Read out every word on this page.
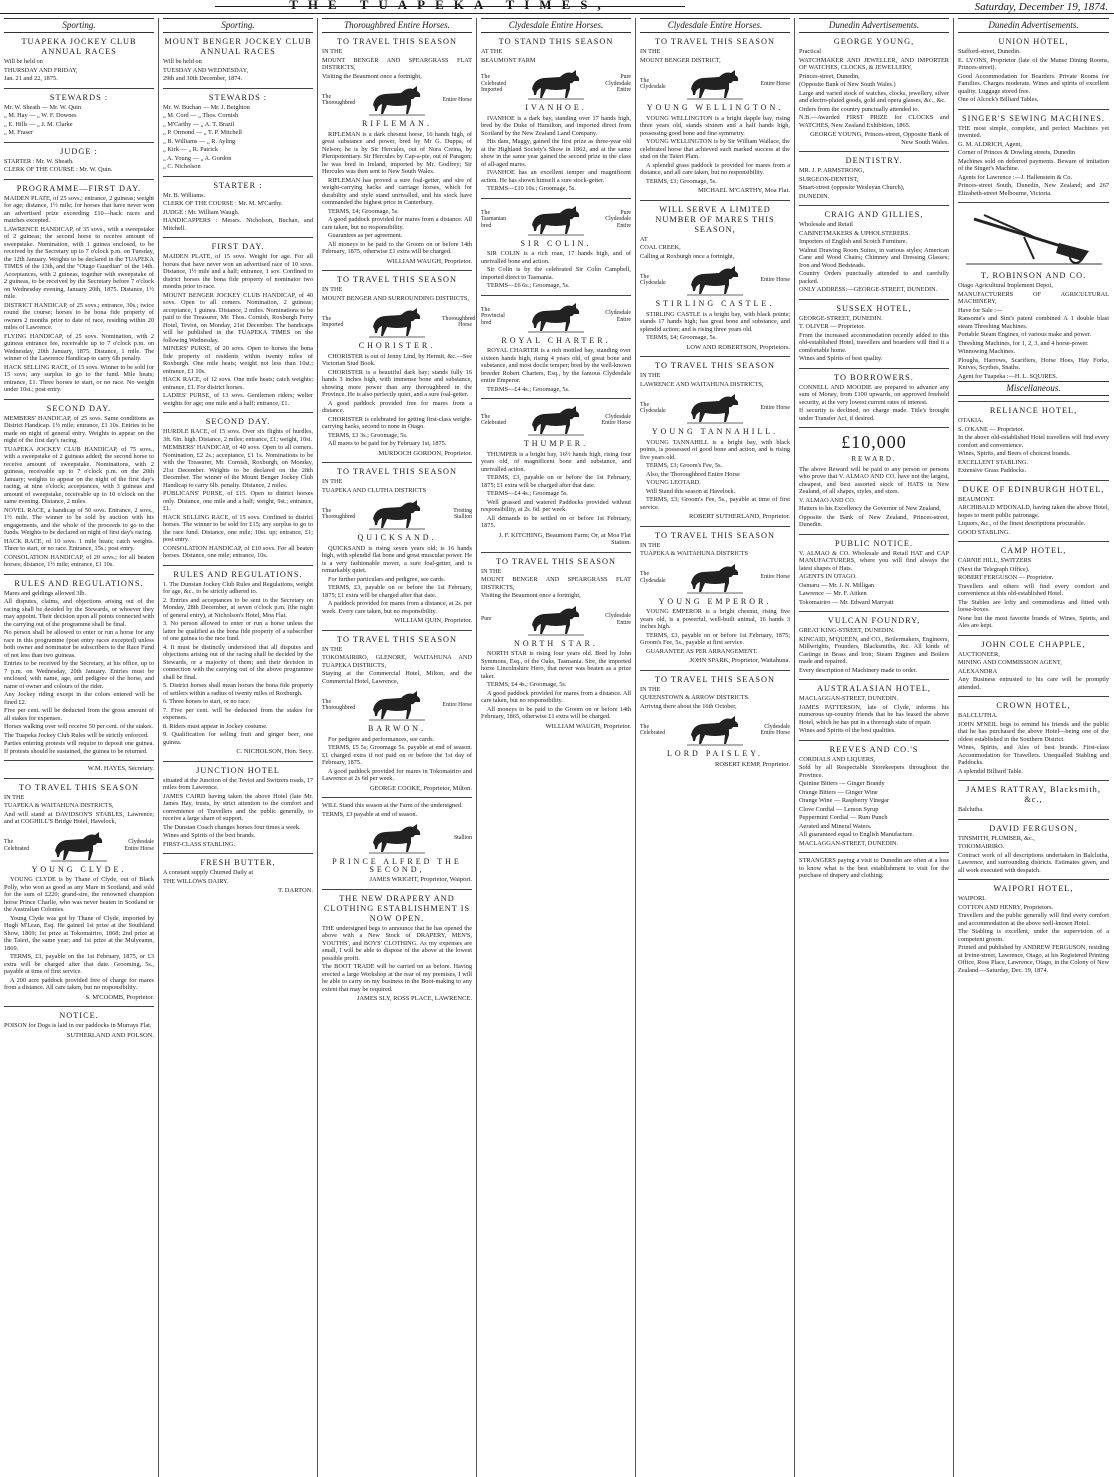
THE TUAPEKA TIMES,	Saturday, December 19, 1874.
Sporting.
TUAPEKA JOCKEY CLUB ANNUAL RACES
Will be held on
THURSDAY AND FRIDAY,
Jan. 21 and 22, 1875.
STEWARDS :
Mr. W. Sheath — Mr. W. Quin
„ M. Hay — „ W. F. Downes
„ E. Hills — „ J. M. Clarke
„ M. Fraser
JUDGE :
STARTER : Mr. W. Sheath.
CLERK OF THE COURSE : Mr. W. Quin.
PROGRAMME—FIRST DAY.
MAIDEN PLATE, of 25 sovs.; entrance, 2 guineas; weight for age; distance, 1½ mile; for horses that have never won an advertised prize exceeding £10—hack races and matches excepted.
LAWRENCE HANDICAP, of 35 sovs., with a sweepstake of 2 guineas; the second horse to receive amount of sweepstake. Nomination, with 1 guinea enclosed, to be received by the Secretary up to 7 o'clock p.m. on Tuesday, the 12th January. Weights to be declared in the TUAPEKA TIMES of the 13th, and the "Otago Guardian" of the 14th. Acceptances, with 2 guineas, together with sweepstake of 2 guineas, to be received by the Secretary before 7 o'clock on Wednesday evening, January 20th, 1875. Distance, 1½ mile.
DISTRICT HANDICAP, of 25 sovs.; entrance, 30s.; twice round the course; horses to be bona fide property of owners 2 months prior to date of race, residing within 20 miles of Lawrence.
FLYING HANDICAP, of 25 sovs. Nomination, with 2 guineas entrance fee, receivable up to 7 o'clock p.m. on Wednesday, 20th January, 1875. Distance, 1 mile. The winner of the Lawrence Handicap to carry 6lb penalty.
HACK SELLING RACE, of 15 sovs. Winner to be sold for 15 sovs; any surplus to go to the fund. Mile heats; entrance, £1. Three horses to start, or no race. No weight under 10st.; post entry.
SECOND DAY.
MEMBERS' HANDICAP, of 25 sovs. Same conditions as District Handicap. 1½ mile; entrance, £1 10s. Entries to be made on night of general entry. Weights to appear on the night of the first day's racing.
TUAPEKA JOCKEY CLUB HANDICAP, of 75 sovs., with a sweepstake of 2 guineas added; the second horse to receive amount of sweepstake. Nominations, with 2 guineas, receivable up to 7 o'clock p.m. on the 20th January; weights to appear on the night of the first day's racing, at nine o'clock; acceptances, with 3 guineas and amount of sweepstake, receivable up to 10 o'clock on the same evening. Distance, 2 miles.
NOVEL RACE, a handicap of 50 sovs. Entrance, 2 sovs., 1½ mile. The winner to be sold by auction with his engagements, and the whole of the proceeds to go to the funds. Weights to be declared on night of first day's racing.
HACK RACE, of 10 sovs. 1 mile heats; catch weights. Three to start, or no race. Entrance, 15s.; post entry.
CONSOLATION HANDICAP, of 20 sovs.; for all beaten horses; distance, 1½ mile; entrance, £1 10s.
RULES AND REGULATIONS.
Mares and geldings allowed 3lb.
All disputes, claims, and objections arising out of the racing shall be decided by the Stewards, or whoever they may appoint. Their decision upon all points connected with the carrying out of the programme shall be final.
No person shall be allowed to enter or run a horse for any race in this programme (post entry races excepted) unless both owner and nominator be subscribers to the Race Fund of not less than two guineas.
Entries to be received by the Secretary, at his office, up to 7 p.m. on Wednesday, 20th January. Entries must be enclosed, with name, age, and pedigree of the horse, and name of owner and colours of the rider.
Any Jockey riding except in the colors entered will be fined £2.
Five per cent. will be deducted from the gross amount of all stakes for expenses.
Horses walking over will receive 50 per cent. of the stakes.
The Tuapeka Jockey Club Rules will be strictly enforced.
Parties entering protests will require to deposit one guinea. If protests should be sustained, the guinea to be returned.
W.M. HAYES, Secretary.
TO TRAVEL THIS SEASON
IN THE
TUAPEKA & WAITAHUNA DISTRICTS,
And will stand at DAVIDSON'S STABLES, Lawrence; and at COGHILL'S Bridge Hotel, Havelock,
The Celebrated
Clydesdale Entire Horse
YOUNG CLYDE.
YOUNG CLYDE is by Thane of Clyde, out of Black Polly, who won as good as any Mare in Scotland, and sold for the sum of £220; grand-sire, the renowned champion horse Prince Charlie, who was never beaten in Scotland or the Australian Colonies.
Young Clyde was got by Thane of Clyde, imported by Hugh M'Lean, Esq. He gained 1st prize at the Southland Show, 1869; 1st prize at Tokomairiro, 1868; 2nd prize at the Taieri, the same year; and 1st prize at the Mulyeamn, 1869.
TERMS, £3, payable on the 1st February, 1875, or £3 extra will be charged after that date. Grooming, 5s., payable at time of first service.
A 200 acre paddock provided free of charge for mares from a distance. All care taken, but no responsibility.
S. M'COOMB, Proprietor.
NOTICE.
POISON for Dogs is laid in our paddocks in Murrays Flat.
SUTHERLAND AND POLSON.
Sporting.
MOUNT BENGER JOCKEY CLUB ANNUAL RACES
Will be held on
TUESDAY AND WEDNESDAY,
29th and 30th December, 1874.
STEWARDS :
Mr. W. Buchan — Mr. J. Beighton
„ M. Cord — „ Thos. Cornish
„ M'Carthy — „ A. T. Brazil
„ P. Ormond — „ T. P. Mitchell
„ B. Williams — „ R. Ayling
„ Kirk — „ R. Patrick
„ A. Young — „ A. Gordon
„ C. Nicholson
STARTER :
Mr. B. Williams.
CLERK OF THE COURSE : Mr. M. M'Carthy.
JUDGE : Mr. William Waugh.
HANDICAPPERS : Messrs. Nicholson, Buchan, and Mitchell.
FIRST DAY.
MAIDEN PLATE, of 15 sovs. Weight for age. For all horses that have never won an advertised race of 10 sovs. Distance, 1½ mile and a half; entrance, 1 sov. Confined to district horses the bona fide property of nominator two months prior to race.
MOUNT BENGER JOCKEY CLUB HANDICAP, of 40 sovs. Open to all comers. Nomination, 2 guineas; acceptance, 1 guinea. Distance, 2 miles. Nominations to be paid to the Treasurer, Mr. Thos. Cornish, Roxburgh Ferry Hotel, Teviot, on Monday, 21st December. The handicaps will be published in the TUAPEKA TIMES on the following Wednesday.
MINERS' PURSE, of 20 sovs. Open to horses the bona fide property of residents within twenty miles of Roxburgh. One mile heats; weight not less than 10st.; entrance, £1 10s.
HACK RACE, of 12 sovs. One mile heats; catch weights; entrance, £1. For district horses.
LADIES' PURSE, of 13 sovs. Gentlemen riders; welter weights for age; one mile and a half; entrance, £1.
SECOND DAY.
HURDLE RACE, of 15 sovs. Over six flights of hurdles, 3ft. 6in. high. Distance, 2 miles; entrance, £1; weight, 10st.
MEMBERS' HANDICAP, of 40 sovs. Open to all comers. Nomination, £2 2s.; acceptance, £1 1s. Nominations to be with the Treasurer, Mr. Cornish, Roxburgh, on Monday, 21st December. Weights to be declared on the 28th December. The winner of the Mount Benger Jockey Club Handicap to carry 6lb. penalty. Distance, 2 miles.
PUBLICANS' PURSE, of £15. Open to district horses only. Distance, one mile and a half; weight, 9st.; entrance, £1.
HACK SELLING RACE, of 15 sovs. Confined to district horses. The winner to be sold for £15; any surplus to go to the race fund. Distance, one mile; 10st. up; entrance, £1; post entry.
CONSOLATION HANDICAP, of £10 sovs. For all beaten horses. Distance, one mile; entrance, 10s.
RULES AND REGULATIONS.
1. The Dunstan Jockey Club Rules and Regulations, weight for age, &c., to be strictly adhered to.
2. Entries and acceptances to be sent to the Secretary on Monday, 28th December, at seven o'clock p.m. (the night of general entry), at Nicholson's Hotel, Moa Flat.
3. No person allowed to enter or run a horse unless the latter be qualified as the bona fide property of a subscriber of one guinea to the race fund.
4. It must be distinctly understood that all disputes and objections arising out of the racing shall be decided by the Stewards, or a majority of them; and their decision in connection with the carrying out of the above programme shall be final.
5. District horses shall mean horses the bona fide property of settlers within a radius of twenty miles of Roxburgh.
6. Three horses to start, or no race.
7. Five per cent. will be deducted from the stakes for expenses.
8. Riders must appear in Jockey costume.
9. Qualification for selling fruit and ginger beer, one guinea.
C. NICHOLSON, Hon. Secy.
JUNCTION HOTEL
situated at the Junction of the Teviot and Switzers roads, 17 miles from Lawrence.
JAMES CAIRD having taken the above Hotel (late Mr. James Hay, trusts, by strict attention to the comfort and convenience of Travellers and the public generally, to receive a large share of support.
The Dunstan Coach changes horses four times a week.
Wines and Spirits of the best brands.
FIRST-CLASS STABLING.
FRESH BUTTER,
A constant supply Churned Daily at
THE WILLOWS DAIRY.
T. DARTON.
Thoroughbred Entire Horses.
TO TRAVEL THIS SEASON
IN THE
MOUNT BENGER AND SPEARGRASS FLAT DISTRICTS,
Visiting the Beaumont once a fortnight,
The Thoroughbred
Entire Horse
RIFLEMAN.
RIFLEMAN is a dark chesnut horse, 16 hands high, of great substance and power, bred by Mr G. Duppa, of Nelson; he is by Sir Hercules, out of Nora Creina, by Plenipotentiary. Sir Hercules by Cap-a-pie, out of Paragon; he was bred in Ireland, imported by Mr. Godfrey; Sir Hercules was then sent to New South Wales.
RIFLEMAN has proved a sure foal-getter, and sire of weight-carrying hacks and carriage horses, which for durability and style stand unrivalled, and his stock have commanded the highest price in Canterbury.
TERMS, £4; Groomage, 5s.
A good paddock provided for mares from a distance. All care taken, but no responsibility.
Guarantees as per agreement.
All moneys to be paid to the Groom on or before 14th February, 1875, otherwise £1 extra will be charged.
WILLIAM WAUGH, Proprietor.
TO TRAVEL THIS SEASON
IN THE
MOUNT BENGER AND SURROUNDING DISTRICTS,
The Imported
Thoroughbred Horse
CHORISTER.
CHORISTER is out of Jenny Lind, by Hermit, &c.—See Victorian Stud Book.
CHORISTER is a beautiful dark bay; stands fully 16 hands 3 inches high, with immense bone and substance, showing more power than any thoroughbred in the Province. He is also perfectly quiet, and a sure foal-getter.
A good paddock provided free for mares from a distance.
CHORISTER is celebrated for getting first-class weight-carrying hacks, second to none in Otago.
TERMS, £3 3s.; Groomage, 5s.
All mares to be paid for by February 1st, 1875.
MURDOCH GORDON, Proprietor.
TO TRAVEL THIS SEASON
IN THE
TUAPEKA AND CLUTHA DISTRICTS
The Thoroughbred
Trotting Stallion
QUICKSAND.
QUICKSAND is rising seven years old; is 16 hands high, with splendid flat bone and great muscular power. He is a very fashionable mover, a sure foal-getter, and is remarkably quiet.
For further particulars and pedigree, see cards.
TERMS, £3, payable on or before the 1st February, 1875; £1 extra will be charged after that date.
A paddock provided for mares from a distance, at 2s. per week. Every care taken, but no responsibility.
WILLIAM QUIN, Proprietor.
TO TRAVEL THIS SEASON
IN THE
TOKOMAIRIRO, GLENORE, WAITAHUNA AND TUAPEKA DISTRICTS,
Staying at the Commercial Hotel, Milton, and the Commercial Hotel, Lawrence,
The Thoroughbred
Entire Horse
BARWON.
For pedigree and performances, see cards.
TERMS, £5 5s; Groomage 5s. payable at end of season. £1 charged extra if not paid on or before the 1st day of February, 1875.
A good paddock provided for mares in Tokomairiro and Lawrence at 2s 6d per week.
GEORGE COOKE, Proprietor, Milton.
WILL Stand this season at the Farm of the undersigned.
TERMS, £3 payable at end of season.
Stallion
PRINCE ALFRED THE SECOND,
JAMES WRIGHT, Proprietor, Waipori.
THE NEW DRAPERY AND CLOTHING ESTABLISHMENT IS NOW OPEN.
THE undersigned begs to announce that he has opened the above with a New Stock of DRAPERY, MEN'S, YOUTHS', and BOYS' CLOTHING. As my expenses are small, I will be able to dispose of the above at the lowest possible profit.
The BOOT TRADE will be carried on as before. Having erected a large Workshop at the rear of my premises, I will be able to carry on my business in the Boot-making to any extent that may be required.
JAMES SLY, ROSS PLACE, LAWRENCE.
Clydesdale Entire Horses.
TO STAND THIS SEASON
AT THE
BEAUMONT FARM
The Celebrated Imported
Pure Clydesdale Entire
IVANHOE.
IVANHOE is a dark bay, standing over 17 hands high, bred by the Duke of Hamilton, and imported direct from Scotland by the New Zealand Land Company.
His dam, Maggy, gained the first prize as three-year old at the Highland Society's Show in 1862, and at the same show in the same year gained the second prize in the class of all-aged mares.
IVANHOE has an excellent temper and magnificent action. He has shown himself a sure stock-getter.
TERMS—£10 10s.; Groomage, 5s.
The Tasmanian bred
Pure Clydesdale Entire
SIR COLIN.
SIR COLIN is a rich roan, 17 hands high, and of unrivalled bone and action.
Sir Colin is by the celebrated Sir Colin Campbell, imported direct to Tasmania.
TERMS—£6 6s.; Groomage, 5s.
The Provincial bred
Clydesdale Entire
ROYAL CHARTER.
ROYAL CHARTER is a rich mottled bay, standing over sixteen hands high, rising 4 years old, of great bone and substance, and most docile temper; bred by the well-known breeder Robert Charters, Esq., by the famous Clydesdale entire Emperor.
TERMS—£4 4s.; Groomage, 5s.
The Celebrated
Clydesdale Entire Horse
THUMPER.
THUMPER is a bright bay, 16½ hands high, rising four years old, of magnificent bone and substance, and unrivalled action.
TERMS, £3, payable on or before the 1st February, 1875; £1 extra will be charged after that date.
TERMS—£4 4s.; Groomage 5s.
Well grassed and watered Paddocks provided without responsibility, at 2s. 6d. per week.
All demands to be settled on or before 1st February, 1875.
J. F. KITCHING, Beaumont Farm; Or, at Moa Flat Station.
TO TRAVEL THIS SEASON
IN THE
MOUNT BENGER AND SPEARGRASS FLAT DISTRICTS,
Visiting the Beaumont once a fortnight,
Pure
Clydesdale Entire
NORTH STAR.
NORTH STAR is rising four years old. Bred by John Symmons, Esq., of the Oaks, Tasmania. Sire, the imported horse Lincolnshire Hero, that never was beaten as a prize taker.
TERMS, £4 4s.; Groomage, 5s.
A good paddock provided for mares from a distance. All care taken, but no responsibility.
All moneys to be paid to the Groom on or before 14th February, 1865, otherwise £1 extra will be charged.
WILLIAM WAUGH, Proprietor.
Clydesdale Entire Horses.
TO TRAVEL THIS SEASON
IN THE
MOUNT BENGER DISTRICT,
The Clydesdale
Entire Horse
YOUNG WELLINGTON.
YOUNG WELLINGTON is a bright dapple bay, rising three years old, stands sixteen and a half hands high, possessing good bone and fine symmetry.
YOUNG WELLINGTON is by Sir William Wallace, the celebrated horse that achieved such marked success at the stud on the Taieri Plain.
A splendid grass paddock is provided for mares from a distance, and all care taken, but no responsibility.
TERMS, £3; Groomage, 5s.
MICHAEL M'CARTHY, Moa Flat.
WILL SERVE A LIMITED NUMBER OF MARES THIS SEASON,
AT
COAL CREEK,
Calling at Roxburgh once a fortnight,
The Clydesdale
Entire Horse
STIRLING CASTLE.
STIRLING CASTLE is a bright bay, with black points; stands 17 hands high; has great bone and substance, and splendid action; and is rising three years old.
TERMS, £4; Groomage, 5s.
LOW AND ROBERTSON, Proprietors.
TO TRAVEL THIS SEASON
IN THE
LAWRENCE AND WAITAHUNA DISTRICTS,
The Clydesdale
Entire Horse
YOUNG TANNAHILL.
YOUNG TANNAHILL is a bright bay, with black points, is possessed of good bone and action, and is rising five years old.
TERMS, £3; Groom's Fee, 5s.
Also, the Thoroughbred Entire Horse
YOUNG LEOTARD.
Will Stand this season at Havelock.
TERMS, £3; Groom's Fee, 5s., payable at time of first service.
ROBERT SUTHERLAND, Proprietor.
TO TRAVEL THIS SEASON
IN THE
TUAPEKA & WAITAHUNA DISTRICTS
The Clydesdale
Entire Horse
YOUNG EMPEROR.
YOUNG EMPEROR is a bright chesnut, rising five years old, is a powerful, well-built animal, 16 hands 3 inches high.
TERMS, £3, payable on or before 1st February, 1875; Groom's Fee, 5s., payable at first service.
GUARANTEE AS PER ARRANGEMENT.
JOHN SPARK, Proprietor, Waitahuna.
TO TRAVEL THIS SEASON
IN THE
QUEENSTOWN & ARROW DISTRICTS.
Arriving there about the 16th October,
The Celebrated
Clydesdale Entire Horse
LORD PAISLEY.
ROBERT KEMP, Proprietor.
Dunedin Advertisements.
GEORGE YOUNG,
Practical
WATCHMAKER AND JEWELLER, AND IMPORTER OF WATCHES, CLOCKS, & JEWELLERY,
Princes-street, Dunedin,
(Opposite Bank of New South Wales.)
Large and varied stock of watches, clocks, jewellery, silver and electro-plated goods, gold and opera glasses, &c., &c.
Orders from the country punctually attended to.
N.B.—Awarded FIRST PRIZE for CLOCKS and WATCHES, New Zealand Exhibition, 1865.
GEORGE YOUNG, Princes-street, Opposite Bank of New South Wales.
DENTISTRY.
MR. J. P. ARMSTRONG,
SURGEON-DENTIST,
Stuart-street (opposite Wesleyan Church),
DUNEDIN.
CRAIG AND GILLIES,
Wholesale and Retail
CABINETMAKERS & UPHOLSTERERS.
Importers of English and Scotch Furniture.
Walnut Drawing Room Suites, in various styles; American Cane and Wood Chairs; Chimney and Dressing Glasses; Iron and Wood Bedsteads.
Country Orders punctually attended to and carefully packed.
ONLY ADDRESS:—GEORGE-STREET, DUNEDIN.
SUSSEX HOTEL,
GEORGE-STREET, DUNEDIN.
T. OLIVER — Proprietor.
From the increased accommodation recently added to this old-established Hotel, travellers and boarders will find it a comfortable home.
Wines and Spirits of best quality.
TO BORROWERS.
CONNELL AND MOODIE are prepared to advance any sum of Money, from £100 upwards, on approved freehold security, at the very lowest current rates of interest.
If security is declined, no charge made. Title's brought under Transfer Act, if desired.
£10,000
REWARD.
The above Reward will be paid to any person or persons who prove that V. ALMAO AND CO. have not the largest, cheapest, and best assorted stock of HATS in New Zealand, of all shapes, styles, and sizes.
V. ALMAO AND CO.
Hatters to his Excellency the Governor of New Zealand,
Opposite the Bank of New Zealand, Princes-street, Dunedin.
PUBLIC NOTICE.
V. ALMAO & CO. Wholesale and Retail HAT and CAP MANUFACTURERS, where you will find always the latest shapes of Hats.
AGENTS IN OTAGO.
Oamaru — Mr. J. N. Milligan
Lawrence — Mr. F. Aitken
Tokomairiro — Mr. Edward Marryatt
VULCAN FOUNDRY,
GREAT KING-STREET, DUNEDIN.
KINCAID, M'QUEEN, and CO., Boilermakers, Engineers, Millwrights, Founders, Blacksmiths, &c. All kinds of Castings in Brass and Iron; Steam Engines and Boilers made and repaired.
Every description of Machinery made to order.
AUSTRALASIAN HOTEL,
MACLAGGAN-STREET, DUNEDIN.
JAMES PATTERSON, late of Clyde, informs his numerous up-country friends that he has leased the above Hotel, which he has put in a thorough state of repair.
Wines and Spirits of the best qualities.
REEVES AND CO.'S
CORDIALS AND LIQUERS,
Sold by all Respectable Storekeepers throughout the Province.
Quinine Bitters — Ginger Brandy
Orange Bitters — Ginger Wine
Orange Wine — Raspberry Vinegar
Clove Cordial — Lemon Syrup
Peppermint Cordial — Rum Punch
Aerated and Mineral Waters.
All guaranteed equal to English Manufacture.
MACLAGGAN-STREET, DUNEDIN.
STRANGERS paying a visit to Dunedin are often at a loss to know what is the best establishment to visit for the purchase of drapery and clothing.
Dunedin Advertisements.
UNION HOTEL,
Stafford-street, Dunedin.
E. LYONS, Proprietor (late of the Manse Dining Rooms, Princes-street).
Good Accommodation for Boarders. Private Rooms for Families. Charges moderate. Wines and spirits of excellent quality. Luggage stored free.
One of Alcock's Billiard Tables.
SINGER'S SEWING MACHINES.
THE most simple, complete, and perfect Machines yet invented.
G. M. ALDRICH, Agent,
Corner of Princes & Dowling streets, Dunedin
Machines sold on deferred payments. Beware of imitation of the Singer's Machine.
Agents for Lawrence :—J. Hallenstein & Co.
Princes-street South, Dunedin, New Zealand; and 267 Elizabeth-street Melbourne, Victoria.
T. ROBINSON AND CO.
Otago Agricultural Implement Depot,
MANUFACTURERS OF AGRICULTURAL MACHINERY,
Have for Sale :—
Ransome's and Sim's patent combined A 1 double blast steam Threshing Machines.
Portable Steam Engines, of various make and power.
Threshing Machines, for 1, 2, 3, and 4 horse-power.
Winnowing Machines.
Ploughs, Harrows, Scarifiers, Horse Hoes, Hay Forks, Knives, Scythes, Snaths.
Agent for Tuapeka :—H. L. SQUIRES.
Miscellaneous.
RELIANCE HOTEL,
OTAKIA.
S. O'KANE — Proprietor.
In the above old-established Hotel travellers will find every comfort and convenience.
Wines, Spirits, and Beers of choicest brands.
EXCELLENT STABLING.
Extensive Grass Paddocks.
DUKE OF EDINBURGH HOTEL,
BEAUMONT.
ARCHIBALD M'DONALD, having taken the above Hotel, hopes to merit public patronage.
Liquors, &c., of the finest descriptions procurable.
GOOD STABLING.
CAMP HOTEL,
CARNIE HILL, SWITZERS
(Next the Telegraph Office).
ROBERT FERGUSON — Proprietor.
Travellers and others will find every comfort and convenience at this old-established Hotel.
The Stables are lofty and commodious and fitted with loose-boxes.
None but the most favorite brands of Wines, Spirits, and Ales are kept.
JOHN COLE CHAPPLE,
AUCTIONEER,
MINING AND COMMISSION AGENT,
ALEXANDRA
Any Business entrusted to his care will be promptly attended.
CROWN HOTEL,
BALCLUTHA.
JOHN M'NEIL begs to remind his friends and the public that he has purchased the above Hotel—being one of the oldest established in the Southern District.
Wines, Spirits, and Ales of best brands. First-class Accommodation for Travellers. Unequalled Stabling and Paddocks.
A splendid Billiard Table.
JAMES RATTRAY, Blacksmith, &c.,
Balclutha.
DAVID FERGUSON,
TINSMITH, PLUMBER, &c.,
TOKOMAIRIRO.
Contract work of all descriptions undertaken in Balclutha, Lawrence, and surrounding districts. Estimates given, and all work executed with despatch.
WAIPORI HOTEL,
WAIPORI.
COTTON AND HENRY, Proprietors.
Travellers and the public generally will find every comfort and accommodation at the above well-known Hotel.
The Stabling is excellent, under the supervision of a competent groom.
Printed and published by ANDREW FERGUSON, residing at Irvine-street, Lawrence, Otago, at his Registered Printing Office, Ross Place, Lawrence, Otago, in the Colony of New Zealand.—Saturday, Dec. 19, 1874.
